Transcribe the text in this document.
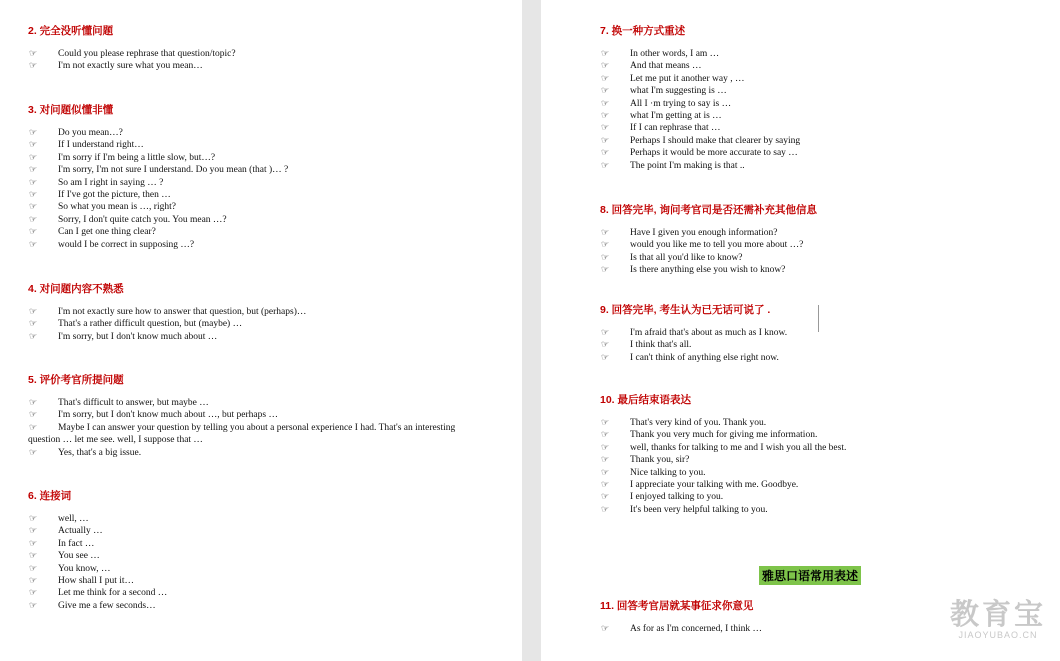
2. 完全没听懂问题
☞ Could you please rephrase that question/topic?
☞ I'm not exactly sure what you mean…
3. 对问题似懂非懂
☞ Do you mean…?
☞ If I understand right…
☞ I'm sorry if I'm being a little slow, but…?
☞ I'm sorry, I'm not sure I understand. Do you mean (that )… ?
☞ So am I right in saying … ?
☞ If I've got the picture, then …
☞ So what you mean is …, right?
☞ Sorry, I don't quite catch you. You mean …?
☞ Can I get one thing clear?
☞ would I be correct in supposing …?
4. 对问题内容不熟悉
☞ I'm not exactly sure how to answer that question, but (perhaps)…
☞ That's a rather difficult question, but (maybe) …
☞ I'm sorry, but I don't know much about …
5. 评价考官所提问题
☞ That's difficult to answer, but maybe …
☞ I'm sorry, but I don't know much about …, but perhaps …
☞ Maybe I can answer your question by telling you about a personal experience I had. That's an interesting question … let me see. well, I suppose that …
☞ Yes, that's a big issue.
6. 连接词
☞ well, …
☞ Actually …
☞ In fact …
☞ You see …
☞ You know, …
☞ How shall I put it…
☞ Let me think for a second …
☞ Give me a few seconds…
7. 换一种方式重述
☞ In other words, I am …
☞ And that means …
☞ Let me put it another way , …
☞ what I'm suggesting is …
☞ All I ·m trying to say is …
☞ what I'm getting at is …
☞ If I can rephrase that …
☞ Perhaps I should make that clearer by saying
☞ Perhaps it would be more accurate to say …
☞ The point I'm making is that ..
8. 回答完毕, 询问考官司是否还需补充其他信息
☞ Have I given you enough information?
☞ would you like me to tell you more about …?
☞ Is that all you'd like to know?
☞ Is there anything else you wish to know?
9. 回答完毕, 考生认为已无话可说了 .
☞ I'm afraid that's about as much as I know.
☞ I think that's all.
☞ I can't think of anything else right now.
10. 最后结束语表达
☞ That's very kind of you. Thank you.
☞ Thank you very much for giving me information.
☞ well, thanks for talking to me and I wish you all the best.
☞ Thank you, sir?
☞ Nice talking to you.
☞ I appreciate your talking with me. Goodbye.
☞ I enjoyed talking to you.
☞ It's been very helpful talking to you.
雅思口语常用表述
11. 回答考官居就某事征求你意见
☞ As for as I'm concerned, I think …	教育宝
JIAOYUBAO.CN
